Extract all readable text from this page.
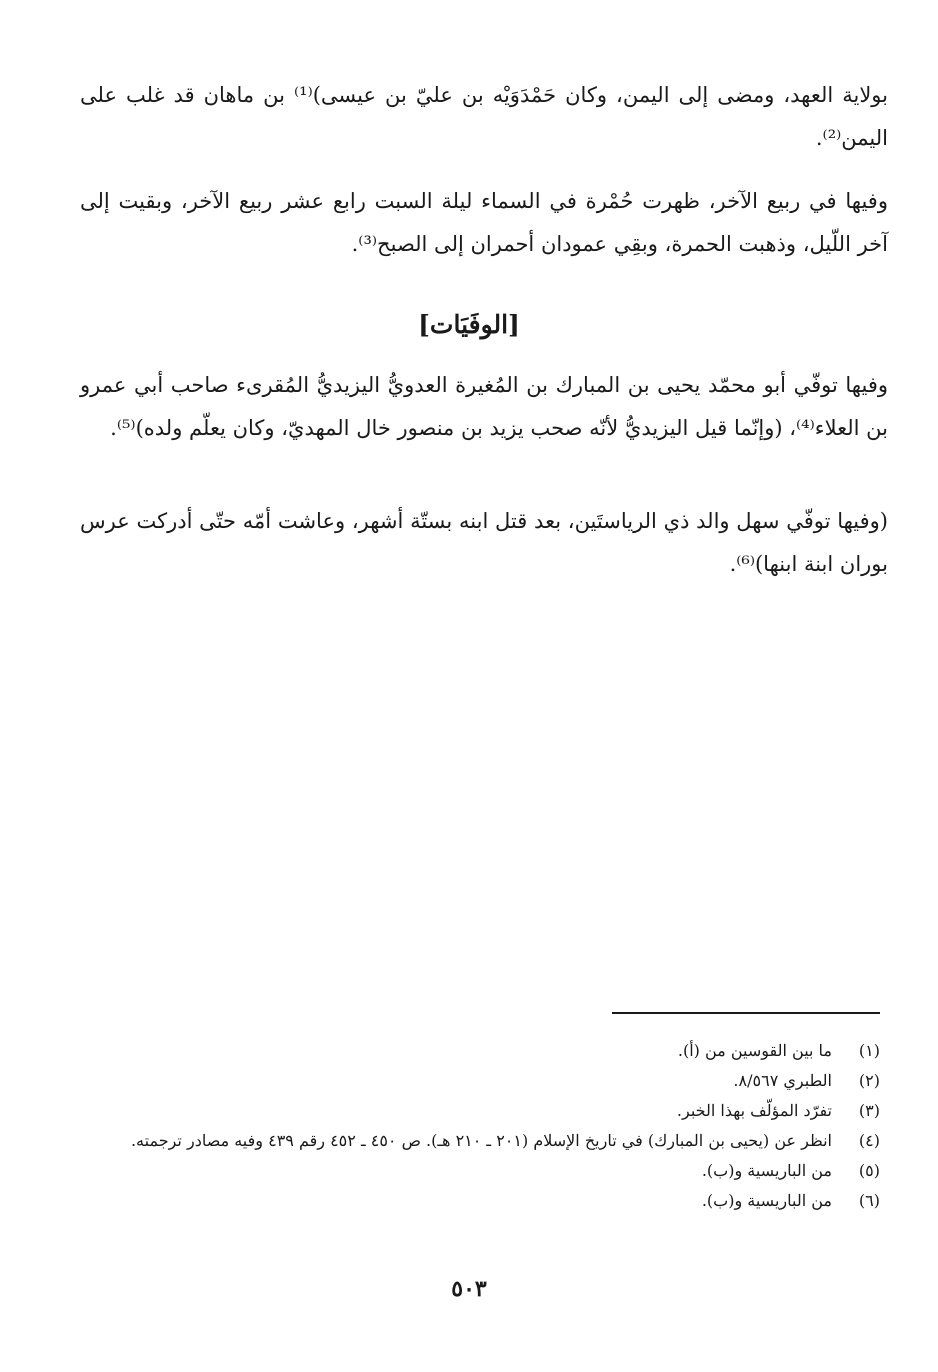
بولاية العهد، ومضى إلى اليمن، وكان حَمْدَوَيْه بن عليّ بن عيسى)⁽¹⁾ بن ماهان قد غلب على اليمن⁽²⁾.

وفيها في ربيع الآخر، ظهرت حُمْرة في السماء ليلة السبت رابع عشر ربيع الآخر، وبقيت إلى آخر اللّيل، وذهبت الحمرة، وبقِي عمودان أحمران إلى الصبح⁽³⁾.

[الوفَيَات]

وفيها توفّي أبو محمّد يحيى بن المبارك بن المُغيرة العدويُّ اليزيديُّ المُقرىء صاحب أبي عمرو بن العلاء⁽⁴⁾، (وإنّما قيل اليزيديُّ لأنّه صحب يزيد بن منصور خال المهديّ، وكان يعلّم ولده)⁽⁵⁾.

(وفيها توفّي سهل والد ذي الرياستَين، بعد قتل ابنه بستّة أشهر، وعاشت أمّه حتّى أدركت عرس بوران ابنة ابنها)⁽⁶⁾.

(١)
ما بين القوسين من (أ).
(٢)
الطبري ٨/٥٦٧.
(٣)
تفرّد المؤلّف بهذا الخبر.
(٤)
انظر عن (يحيى بن المبارك) في تاريخ الإسلام (٢٠١ ـ ٢١٠ هـ). ص ٤٥٠ ـ ٤٥٢ رقم ٤٣٩ وفيه مصادر ترجمته.
(٥)
من الباريسية و(ب).
(٦)
من الباريسية و(ب).
٥٠٣
